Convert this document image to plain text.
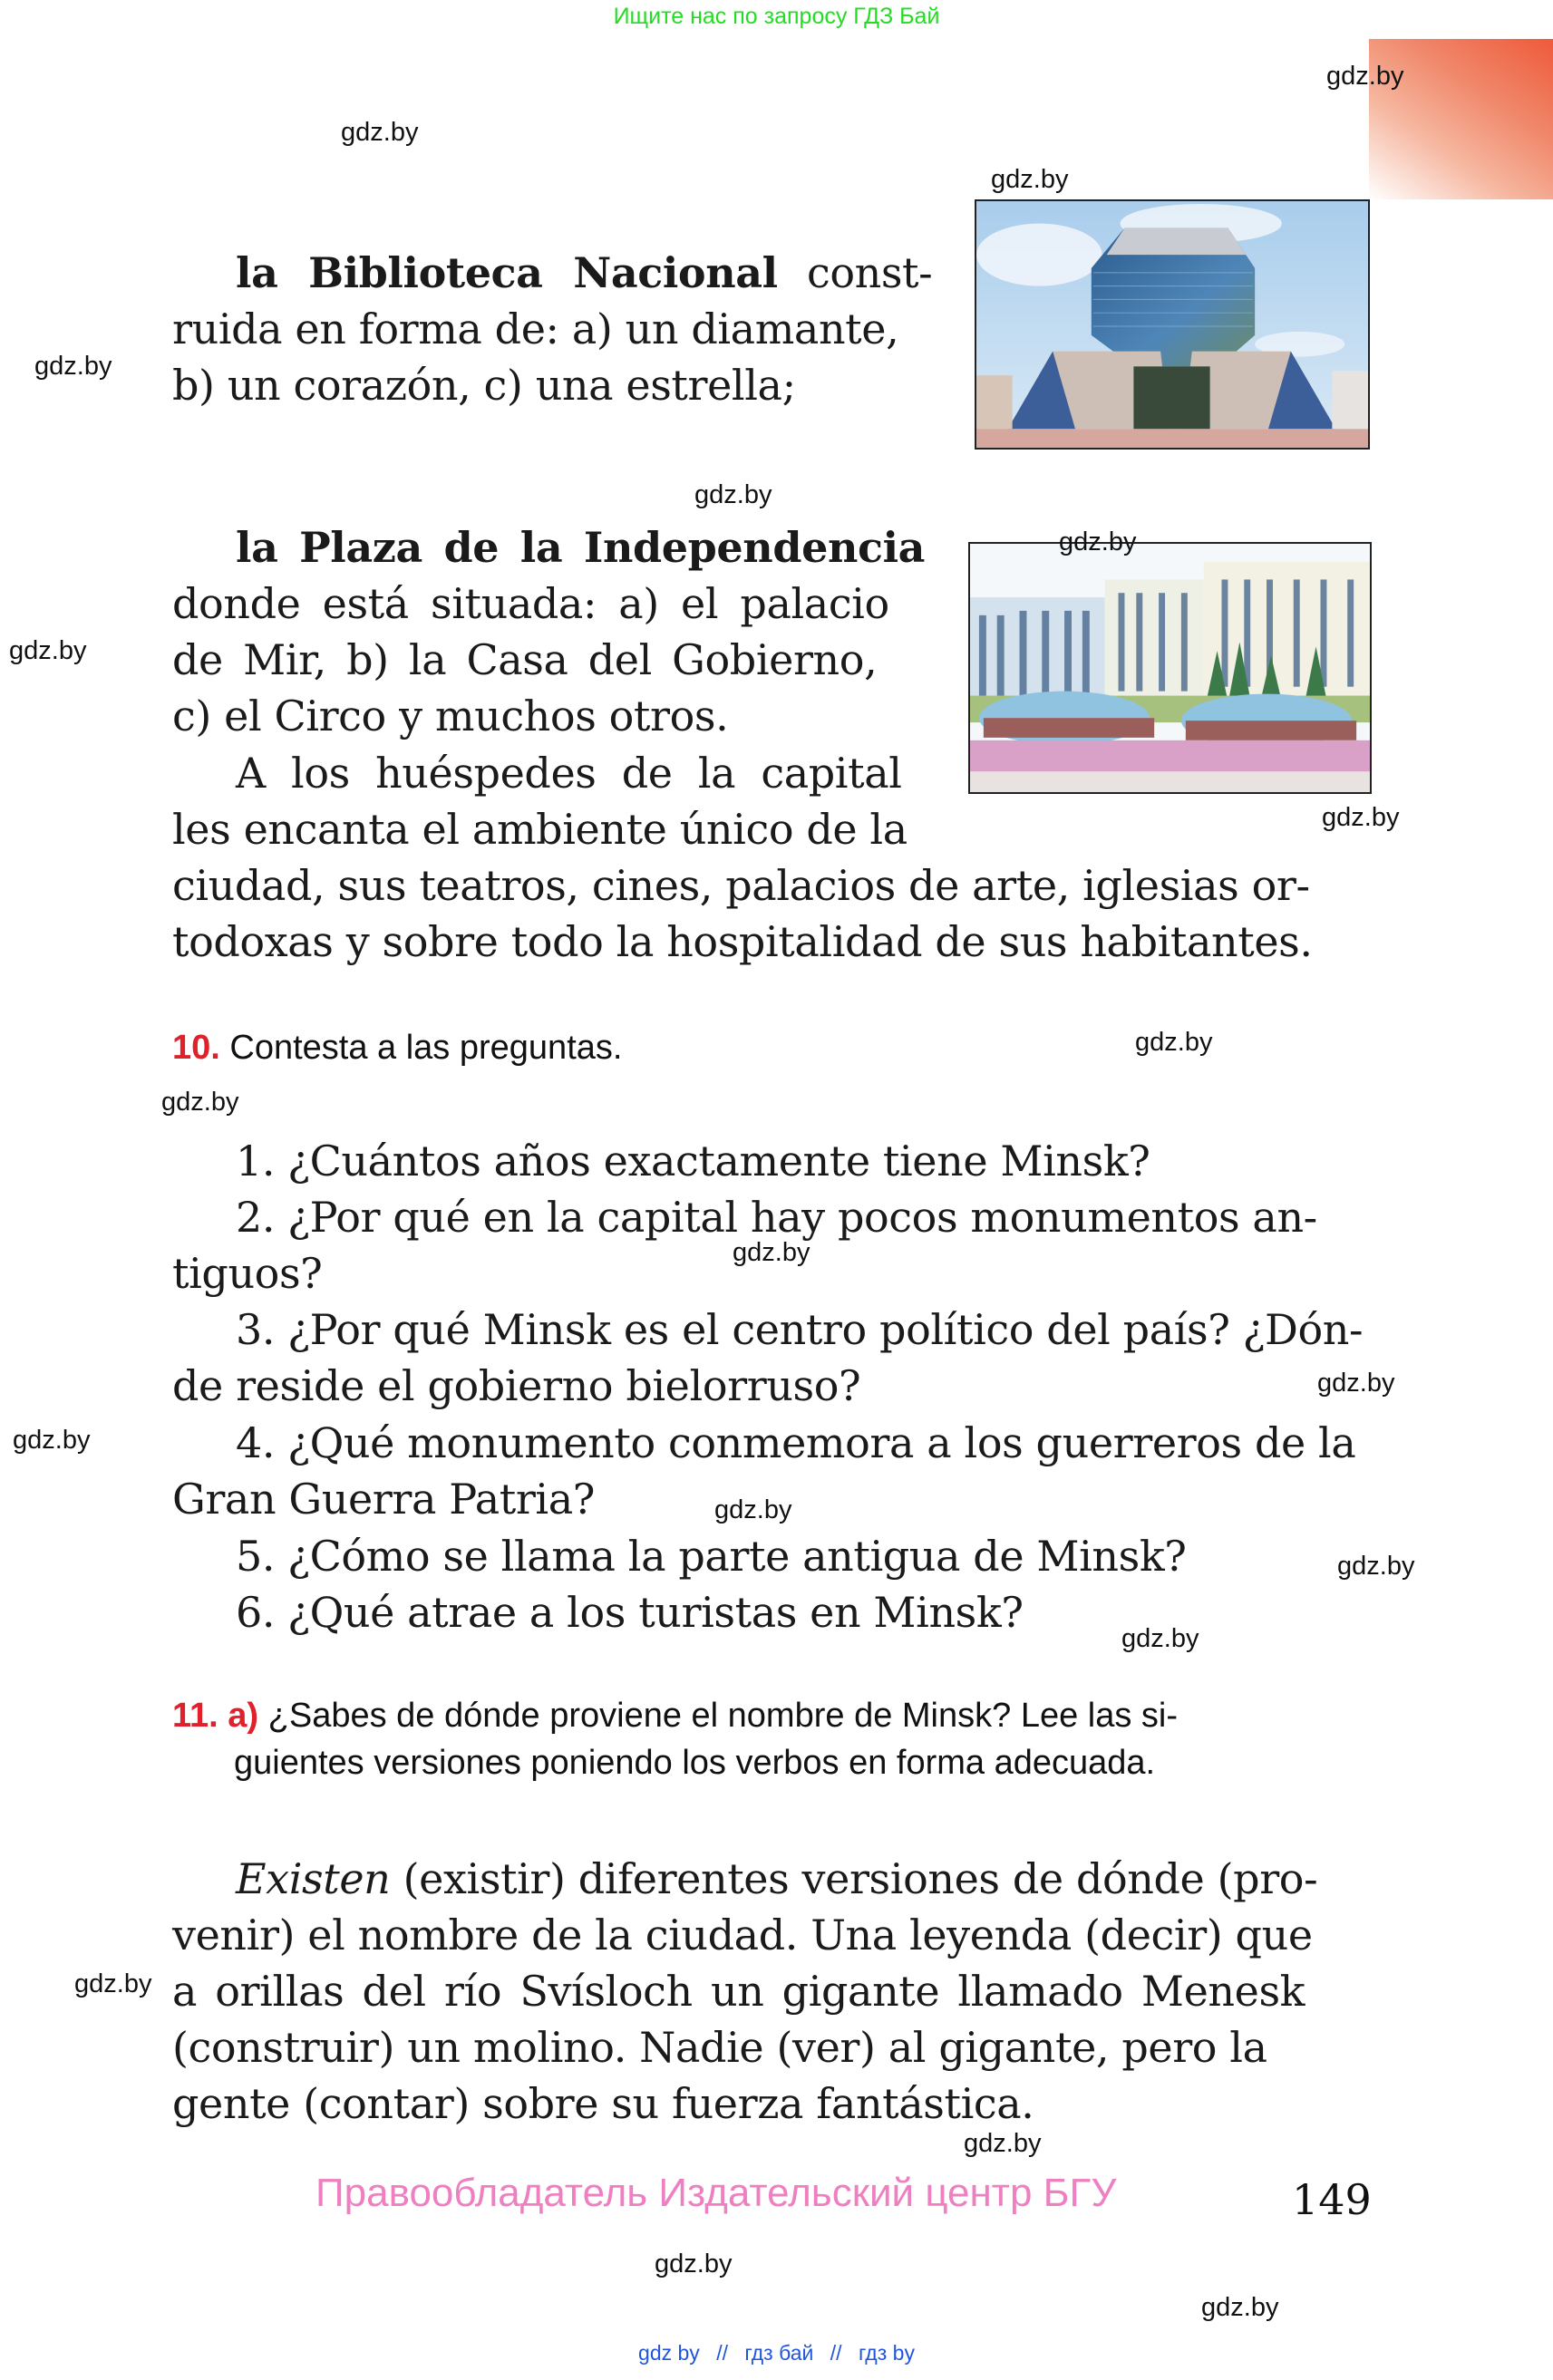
Ищите нас по запросу ГДЗ Бай
gdz.by
gdz.by
gdz.by
gdz.by
gdz.by
gdz.by
gdz.by
gdz.by
gdz.by
gdz.by
gdz.by
gdz.by
gdz.by
gdz.by
gdz.by
gdz.by
gdz.by
gdz.by
gdz.by
gdz.by
la Biblioteca Nacional const-
ruida en forma de: a) un diamante,
b) un corazón, c) una estrella;
la Plaza de la Independencia
donde está situada: a) el palacio
de Mir, b) la Casa del Gobierno,
c) el Circo y muchos otros.
A los huéspedes de la capital
les encanta el ambiente único de la
ciudad, sus teatros, cines, palacios de arte, iglesias or-
todoxas y sobre todo la hospitalidad de sus habitantes.
10. Contesta a las preguntas.
1. ¿Cuántos años exactamente tiene Minsk?
2. ¿Por qué en la capital hay pocos monumentos an-
tiguos?
3. ¿Por qué Minsk es el centro político del país? ¿Dón-
de reside el gobierno bielorruso?
4. ¿Qué monumento conmemora a los guerreros de la
Gran Guerra Patria?
5. ¿Cómo se llama la parte antigua de Minsk?
6. ¿Qué atrae a los turistas en Minsk?
11. a) ¿Sabes de dónde proviene el nombre de Minsk? Lee las si-
guientes versiones poniendo los verbos en forma adecuada.
Existen (existir) diferentes versiones de dónde (pro-
venir) el nombre de la ciudad. Una leyenda (decir) que
a orillas del río Svísloch un gigante llamado Menesk
(construir) un molino. Nadie (ver) al gigante, pero la
gente (contar) sobre su fuerza fantástica.
Правообладатель Издательский центр БГУ	149
gdz by // гдз бай // гдз by
